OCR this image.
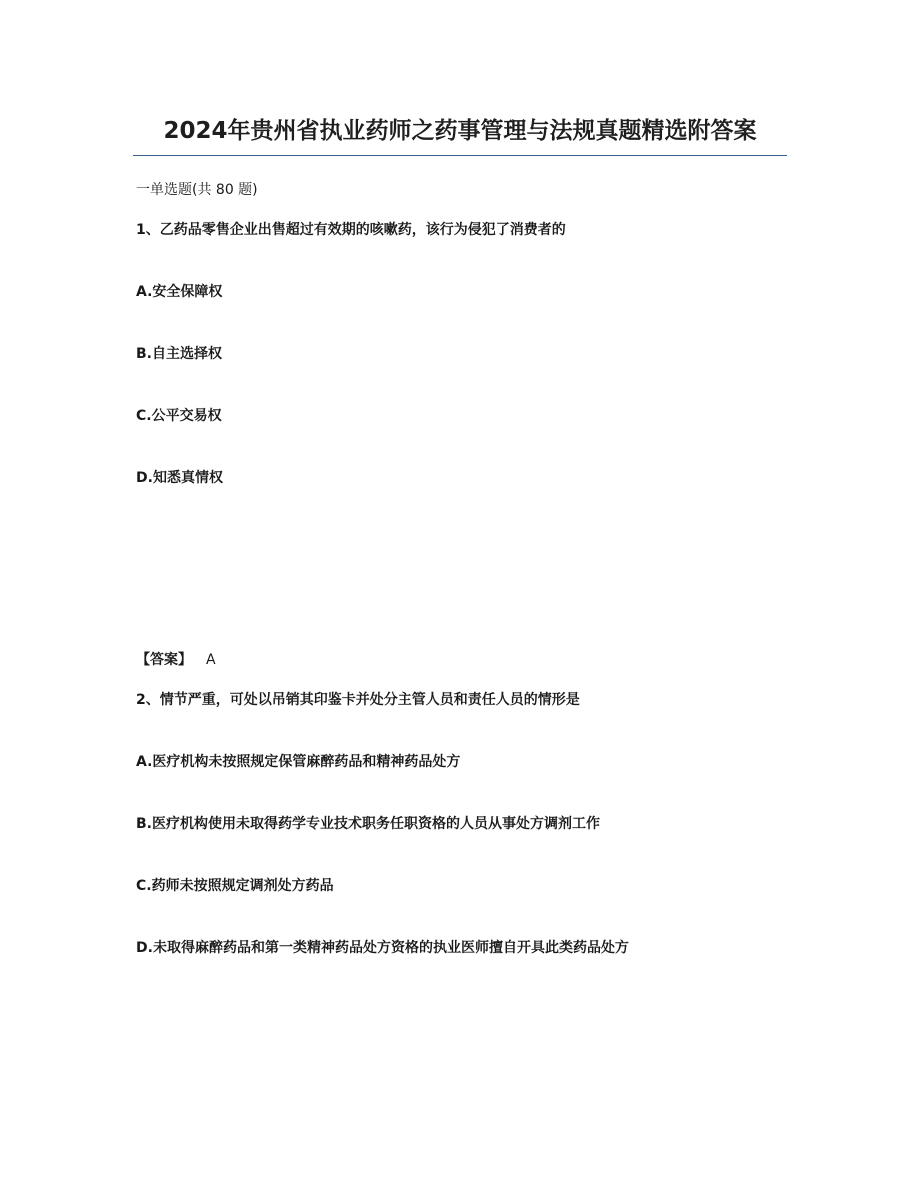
2024年贵州省执业药师之药事管理与法规真题精选附答案
一单选题(共 80 题)
1、乙药品零售企业出售超过有效期的咳嗽药，该行为侵犯了消费者的
A.安全保障权
B.自主选择权
C.公平交易权
D.知悉真情权
【答案】 A
2、情节严重，可处以吊销其印鉴卡并处分主管人员和责任人员的情形是
A.医疗机构未按照规定保管麻醉药品和精神药品处方
B.医疗机构使用未取得药学专业技术职务任职资格的人员从事处方调剂工作
C.药师未按照规定调剂处方药品
D.未取得麻醉药品和第一类精神药品处方资格的执业医师擅自开具此类药品处方
